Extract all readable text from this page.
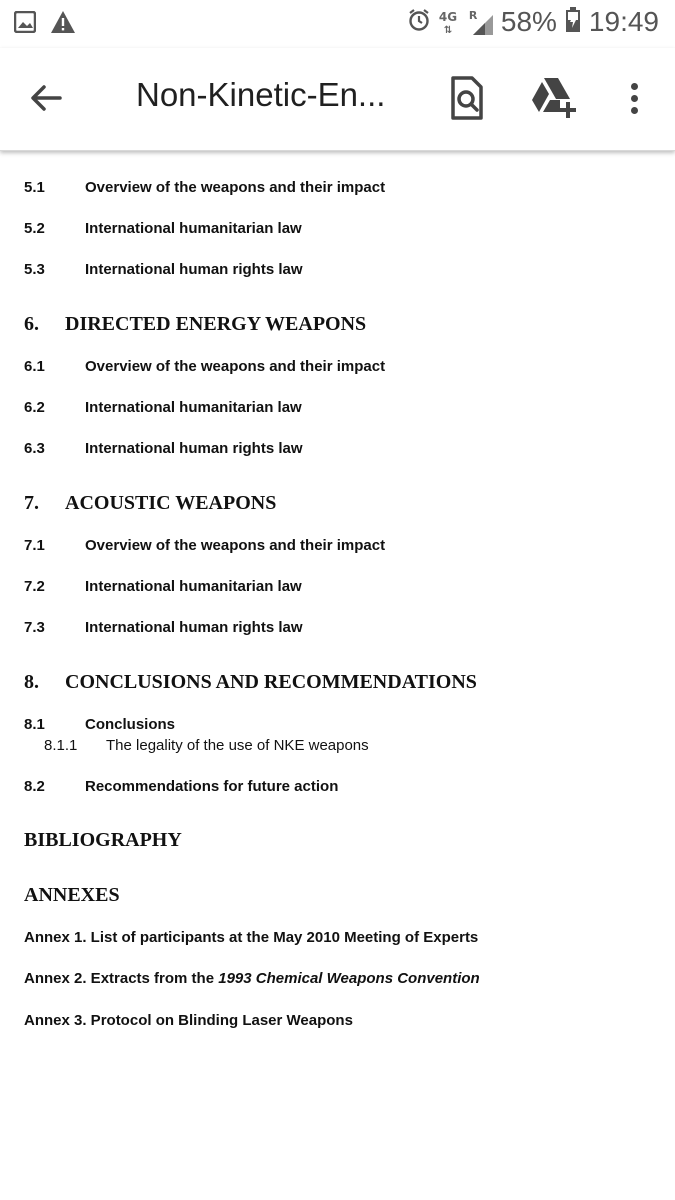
4G
⇅
R 58% 19:49
Non-Kinetic-En...
5.1	Overview of the weapons and their impact
5.2	International humanitarian law
5.3	International human rights law
6. DIRECTED ENERGY WEAPONS
6.1	Overview of the weapons and their impact
6.2	International humanitarian law
6.3	International human rights law
7. ACOUSTIC WEAPONS
7.1	Overview of the weapons and their impact
7.2	International humanitarian law
7.3	International human rights law
8. CONCLUSIONS AND RECOMMENDATIONS
8.1	Conclusions
8.1.1 The legality of the use of NKE weapons
8.2	Recommendations for future action
BIBLIOGRAPHY
ANNEXES
Annex 1. List of participants at the May 2010 Meeting of Experts
Annex 2. Extracts from the 1993 Chemical Weapons Convention
Annex 3. Protocol on Blinding Laser Weapons
